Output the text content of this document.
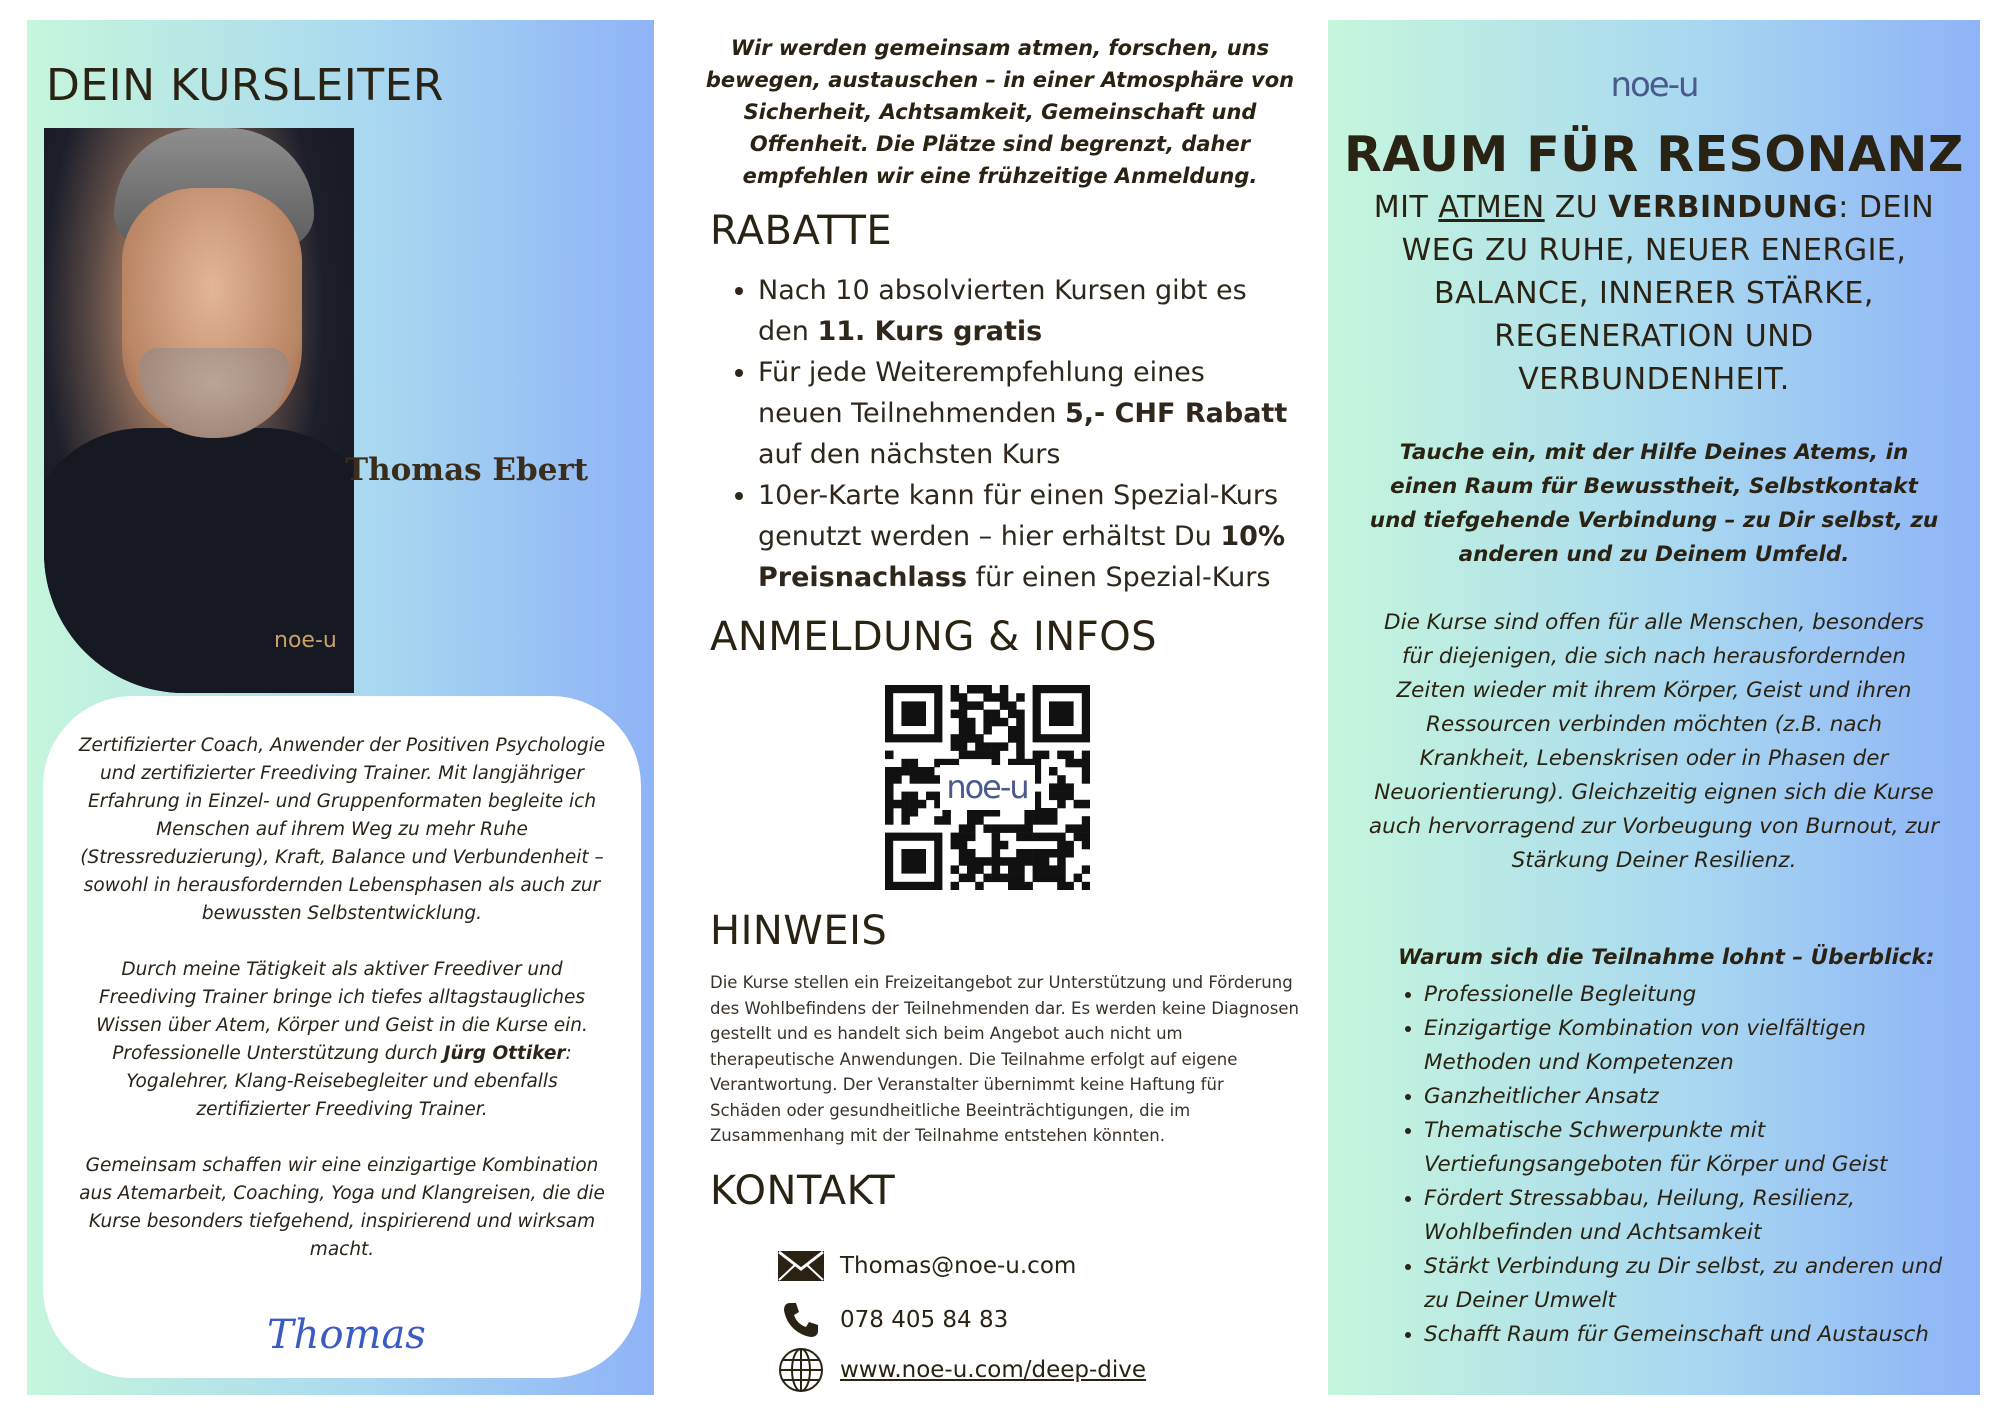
DEIN KURSLEITER
noe-u
Thomas Ebert

Zertifizierter Coach, Anwender der Positiven Psychologie und zertifizierter Freediving Trainer. Mit langjähriger Erfahrung in Einzel- und Gruppenformaten begleite ich Menschen auf ihrem Weg zu mehr Ruhe (Stressreduzierung), Kraft, Balance und Verbundenheit – sowohl in herausfordernden Lebensphasen als auch zur bewussten Selbstentwicklung.

Durch meine Tätigkeit als aktiver Freediver und Freediving Trainer bringe ich tiefes alltagstaugliches Wissen über Atem, Körper und Geist in die Kurse ein. Professionelle Unterstützung durch Jürg Ottiker: Yogalehrer, Klang-Reisebegleiter und ebenfalls zertifizierter Freediving Trainer.

Gemeinsam schaffen wir eine einzigartige Kombination aus Atemarbeit, Coaching, Yoga und Klangreisen, die die Kurse besonders tiefgehend, inspirierend und wirksam macht.

Thomas

Wir werden gemeinsam atmen, forschen, uns bewegen, austauschen – in einer Atmosphäre von Sicherheit, Achtsamkeit, Gemeinschaft und Offenheit. Die Plätze sind begrenzt, daher empfehlen wir eine frühzeitige Anmeldung.

RABATTE
• Nach 10 absolvierten Kursen gibt es den 11. Kurs gratis
• Für jede Weiterempfehlung eines neuen Teilnehmenden 5,- CHF Rabatt auf den nächsten Kurs
• 10er-Karte kann für einen Spezial-Kurs genutzt werden – hier erhältst Du 10% Preisnachlass für einen Spezial-Kurs
ANMELDUNG & INFOS
noe-u
HINWEIS

Die Kurse stellen ein Freizeitangebot zur Unterstützung und Förderung des Wohlbefindens der Teilnehmenden dar. Es werden keine Diagnosen gestellt und es handelt sich beim Angebot auch nicht um therapeutische Anwendungen. Die Teilnahme erfolgt auf eigene Verantwortung. Der Veranstalter übernimmt keine Haftung für Schäden oder gesundheitliche Beeinträchtigungen, die im Zusammenhang mit der Teilnahme entstehen könnten.

KONTAKT
Thomas@noe-u.com
078 405 84 83
www.noe-u.com/deep-dive
noe-u
RAUM FÜR RESONANZ

MIT ATMEN ZU VERBINDUNG: DEIN WEG ZU RUHE, NEUER ENERGIE, BALANCE, INNERER STÄRKE, REGENERATION UND VERBUNDENHEIT.

Tauche ein, mit der Hilfe Deines Atems, in einen Raum für Bewusstheit, Selbstkontakt und tiefgehende Verbindung – zu Dir selbst, zu anderen und zu Deinem Umfeld.

Die Kurse sind offen für alle Menschen, besonders für diejenigen, die sich nach herausfordernden Zeiten wieder mit ihrem Körper, Geist und ihren Ressourcen verbinden möchten (z.B. nach Krankheit, Lebenskrisen oder in Phasen der Neuorientierung). Gleichzeitig eignen sich die Kurse auch hervorragend zur Vorbeugung von Burnout, zur Stärkung Deiner Resilienz.

Warum sich die Teilnahme lohnt – Überblick:

• Professionelle Begleitung
• Einzigartige Kombination von vielfältigen Methoden und Kompetenzen
• Ganzheitlicher Ansatz
• Thematische Schwerpunkte mit Vertiefungsangeboten für Körper und Geist
• Fördert Stressabbau, Heilung, Resilienz, Wohlbefinden und Achtsamkeit
• Stärkt Verbindung zu Dir selbst, zu anderen und zu Deiner Umwelt
• Schafft Raum für Gemeinschaft und Austausch
